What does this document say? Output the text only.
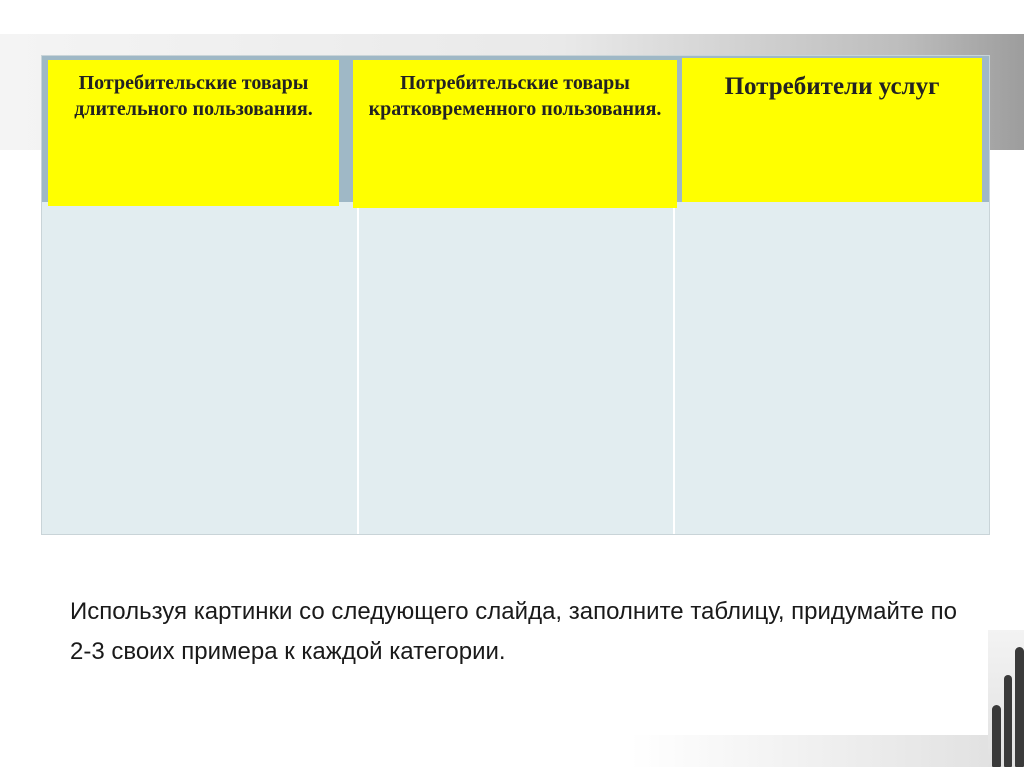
Потребительские товары длительного пользования.
Потребительские товары кратковременного пользования.
Потребители услуг
Используя картинки со следующего слайда, заполните таблицу, придумайте по 2-3 своих примера к каждой категории.
